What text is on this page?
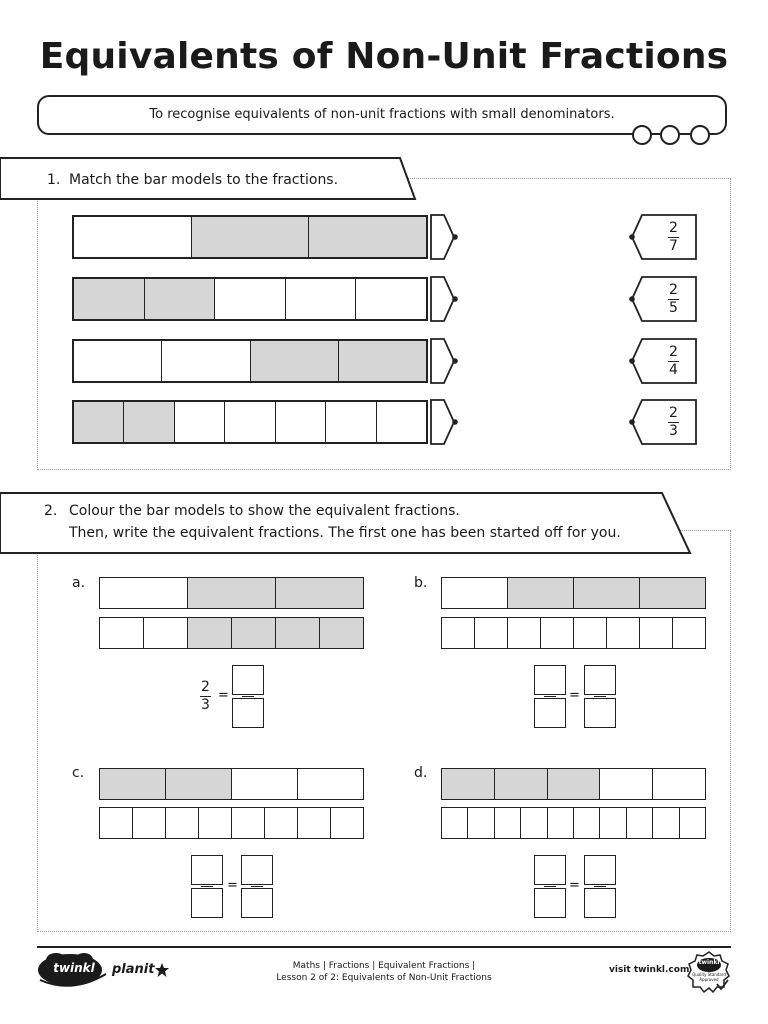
Equivalents of Non-Unit Fractions
To recognise equivalents of non-unit fractions with small denominators.
1. Match the bar models to the fractions.
2
7
2
5
2
4
2
3
2. Colour the bar models to show the equivalent fractions.
Then, write the equivalent fractions. The first one has been started off for you.
a.
2
3
=
b.
=
c.
=
d.
=
twinkl	planit	Maths | Fractions | Equivalent Fractions |
Lesson 2 of 2: Equivalents of Non-Unit Fractions
visit twinkl.com
twinkl
Quality Standard Approved
